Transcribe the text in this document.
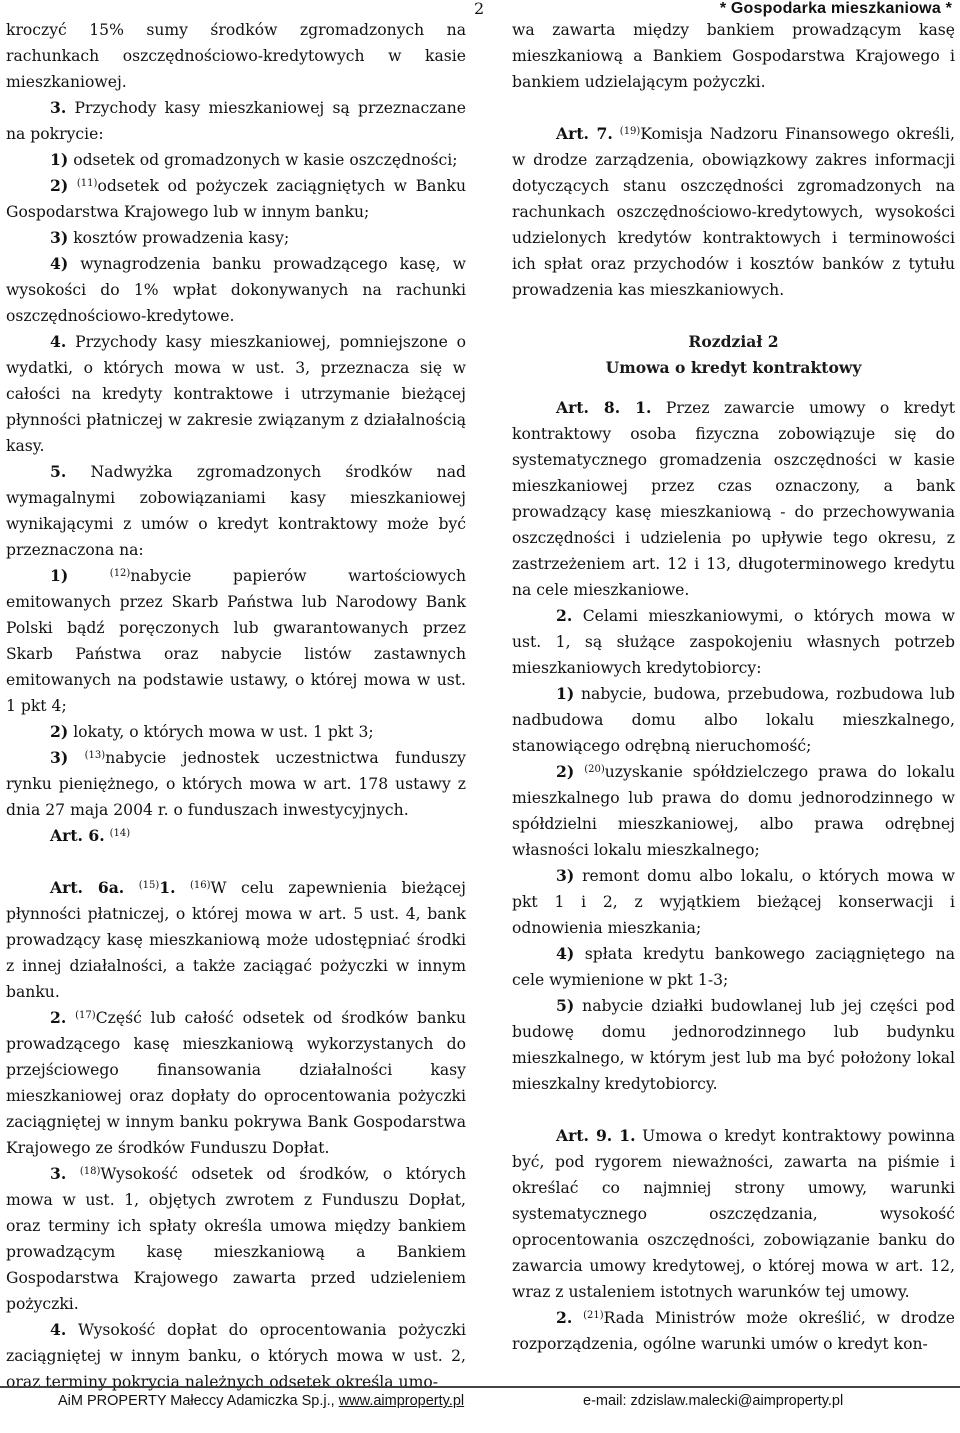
2	* Gospodarka mieszkaniowa *

kroczyć 15% sumy środków zgromadzonych na rachunkach oszczędnościowo-kredytowych w kasie mieszkaniowej.

3. Przychody kasy mieszkaniowej są przeznaczane na pokrycie:

1) odsetek od gromadzonych w kasie oszczędności;

2) $^{(11)}$odsetek od pożyczek zaciągniętych w Banku Gospodarstwa Krajowego lub w innym banku;

3) kosztów prowadzenia kasy;

4) wynagrodzenia banku prowadzącego kasę, w wysokości do 1% wpłat dokonywanych na rachunki oszczędnościowo-kredytowe.

4. Przychody kasy mieszkaniowej, pomniejszone o wydatki, o których mowa w ust. 3, przeznacza się w całości na kredyty kontraktowe i utrzymanie bieżącej płynności płatniczej w zakresie związanym z działalnością kasy.

5. Nadwyżka zgromadzonych środków nad wymagalnymi zobowiązaniami kasy mieszkaniowej wynikającymi z umów o kredyt kontraktowy może być przeznaczona na:

1)	$^{(12)}$nabycie papierów wartościowych emitowanych przez Skarb Państwa lub Narodowy Bank Polski bądź poręczonych lub gwarantowanych przez Skarb Państwa oraz nabycie listów zastawnych emitowanych na podstawie ustawy, o której mowa w ust. 1 pkt 4;

2) lokaty, o których mowa w ust. 1 pkt 3;

3) $^{(13)}$nabycie jednostek uczestnictwa funduszy rynku pieniężnego, o których mowa w art. 178 ustawy z dnia 27 maja 2004 r. o funduszach inwestycyjnych.

Art. 6. $^{(14)}$

Art. 6a. $^{(15)}$1. $^{(16)}$W celu zapewnienia bieżącej płynności płatniczej, o której mowa w art. 5 ust. 4, bank prowadzący kasę mieszkaniową może udostępniać środki z innej działalności, a także zaciągać pożyczki w innym banku.

2. $^{(17)}$Część lub całość odsetek od środków banku prowadzącego kasę mieszkaniową wykorzystanych do przejściowego finansowania działalności kasy mieszkaniowej oraz dopłaty do oprocentowania pożyczki zaciągniętej w innym banku pokrywa Bank Gospodarstwa Krajowego ze środków Funduszu Dopłat.

3. $^{(18)}$Wysokość odsetek od środków, o których mowa w ust. 1, objętych zwrotem z Funduszu Dopłat, oraz terminy ich spłaty określa umowa między bankiem prowadzącym kasę mieszkaniową a Bankiem Gospodarstwa Krajowego zawarta przed udzieleniem pożyczki.

4. Wysokość dopłat do oprocentowania pożyczki zaciągniętej w innym banku, o których mowa w ust. 2, oraz terminy pokrycia należnych odsetek określa umo-

wa zawarta między bankiem prowadzącym kasę mieszkaniową a Bankiem Gospodarstwa Krajowego i bankiem udzielającym pożyczki.

Art. 7. $^{(19)}$Komisja Nadzoru Finansowego określi, w drodze zarządzenia, obowiązkowy zakres informacji dotyczących stanu oszczędności zgromadzonych na rachunkach oszczędnościowo-kredytowych, wysokości udzielonych kredytów kontraktowych i terminowości ich spłat oraz przychodów i kosztów banków z tytułu prowadzenia kas mieszkaniowych.

Rozdział 2
Umowa o kredyt kontraktowy

Art. 8. 1. Przez zawarcie umowy o kredyt kontraktowy osoba fizyczna zobowiązuje się do systematycznego gromadzenia oszczędności w kasie mieszkaniowej przez czas oznaczony, a bank prowadzący kasę mieszkaniową - do przechowywania oszczędności i udzielenia po upływie tego okresu, z zastrzeżeniem art. 12 i 13, długoterminowego kredytu na cele mieszkaniowe.

2. Celami mieszkaniowymi, o których mowa w ust. 1, są służące zaspokojeniu własnych potrzeb mieszkaniowych kredytobiorcy:

1) nabycie, budowa, przebudowa, rozbudowa lub nadbudowa domu albo lokalu mieszkalnego, stanowiącego odrębną nieruchomość;

2) $^{(20)}$uzyskanie spółdzielczego prawa do lokalu mieszkalnego lub prawa do domu jednorodzinnego w spółdzielni mieszkaniowej, albo prawa odrębnej własności lokalu mieszkalnego;

3) remont domu albo lokalu, o których mowa w pkt 1 i 2, z wyjątkiem bieżącej konserwacji i odnowienia mieszkania;

4) spłata kredytu bankowego zaciągniętego na cele wymienione w pkt 1-3;

5) nabycie działki budowlanej lub jej części pod budowę domu jednorodzinnego lub budynku mieszkalnego, w którym jest lub ma być położony lokal mieszkalny kredytobiorcy.

Art. 9. 1. Umowa o kredyt kontraktowy powinna być, pod rygorem nieważności, zawarta na piśmie i określać co najmniej strony umowy, warunki systematycznego oszczędzania, wysokość oprocentowania oszczędności, zobowiązanie banku do zawarcia umowy kredytowej, o której mowa w art. 12, wraz z ustaleniem istotnych warunków tej umowy.

2. $^{(21)}$Rada Ministrów może określić, w drodze rozporządzenia, ogólne warunki umów o kredyt kon-

AiM PROPERTY Małeccy Adamiczka Sp.j., www.aimproperty.pl	e-mail: zdzislaw.malecki@aimproperty.pl
